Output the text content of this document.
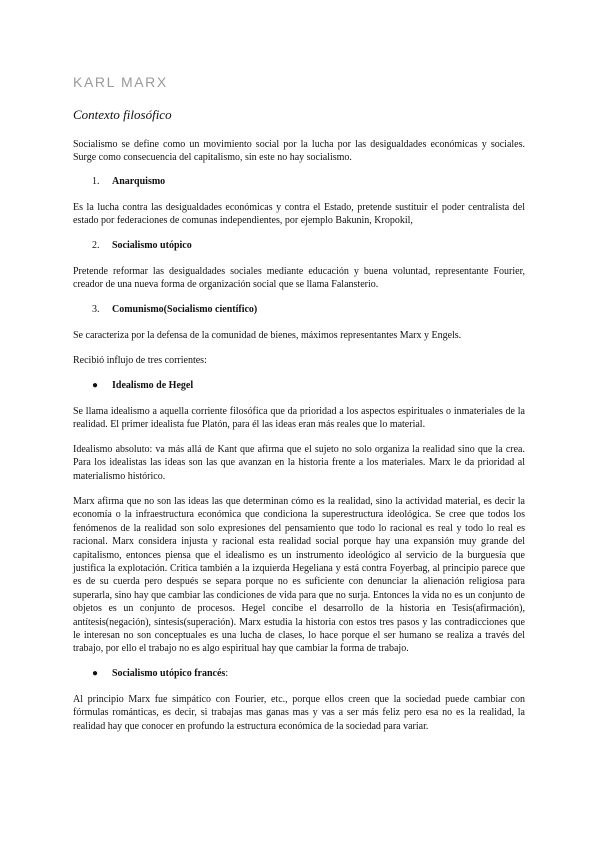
KARL MARX
Contexto filosófico
Socialismo se define como un movimiento social por la lucha por las desigualdades económicas y sociales. Surge como consecuencia del capitalismo, sin este no hay socialismo.
1. Anarquismo
Es la lucha contra las desigualdades económicas y contra el Estado, pretende sustituir el poder centralista del estado por federaciones de comunas independientes, por ejemplo Bakunin, Kropokil,
2. Socialismo utópico
Pretende reformar las desigualdades sociales mediante educación y buena voluntad, representante Fourier, creador de una nueva forma de organización social que se llama Falansterio.
3. Comunismo(Socialismo científico)
Se caracteriza por la defensa de la comunidad de bienes, máximos representantes Marx y Engels.
Recibió influjo de tres corrientes:
● Idealismo de Hegel
Se llama idealismo a aquella corriente filosófica que da prioridad a los aspectos espirituales o inmateriales de la realidad. El primer idealista fue Platón, para él las ideas eran más reales que lo material.
Idealismo absoluto: va más allá de Kant que afirma que el sujeto no solo organiza la realidad sino que la crea. Para los idealistas las ideas son las que avanzan en la historia frente a los materiales. Marx le da prioridad al materialismo histórico.
Marx afirma que no son las ideas las que determinan cómo es la realidad, sino la actividad material, es decir la economía o la infraestructura económica que condiciona la superestructura ideológica. Se cree que todos los fenómenos de la realidad son solo expresiones del pensamiento que todo lo racional es real y todo lo real es racional. Marx considera injusta y racional esta realidad social porque hay una expansión muy grande del capitalismo, entonces piensa que el idealismo es un instrumento ideológico al servicio de la burguesía que justifica la explotación. Critica también a la izquierda Hegeliana y está contra Foyerbag, al principio parece que es de su cuerda pero después se separa porque no es suficiente con denunciar la alienación religiosa para superarla, sino hay que cambiar las condiciones de vida para que no surja. Entonces la vida no es un conjunto de objetos es un conjunto de procesos. Hegel concibe el desarrollo de la historia en Tesis(afirmación), antítesis(negación), síntesis(superación). Marx estudia la historia con estos tres pasos y las contradicciones que le interesan no son conceptuales es una lucha de clases, lo hace porque el ser humano se realiza a través del trabajo, por ello el trabajo no es algo espiritual hay que cambiar la forma de trabajo.
● Socialismo utópico francés:
Al principio Marx fue simpático con Fourier, etc., porque ellos creen que la sociedad puede cambiar con fórmulas románticas, es decir, si trabajas mas ganas mas y vas a ser más feliz pero esa no es la realidad, la realidad hay que conocer en profundo la estructura económica de la sociedad para variar.
